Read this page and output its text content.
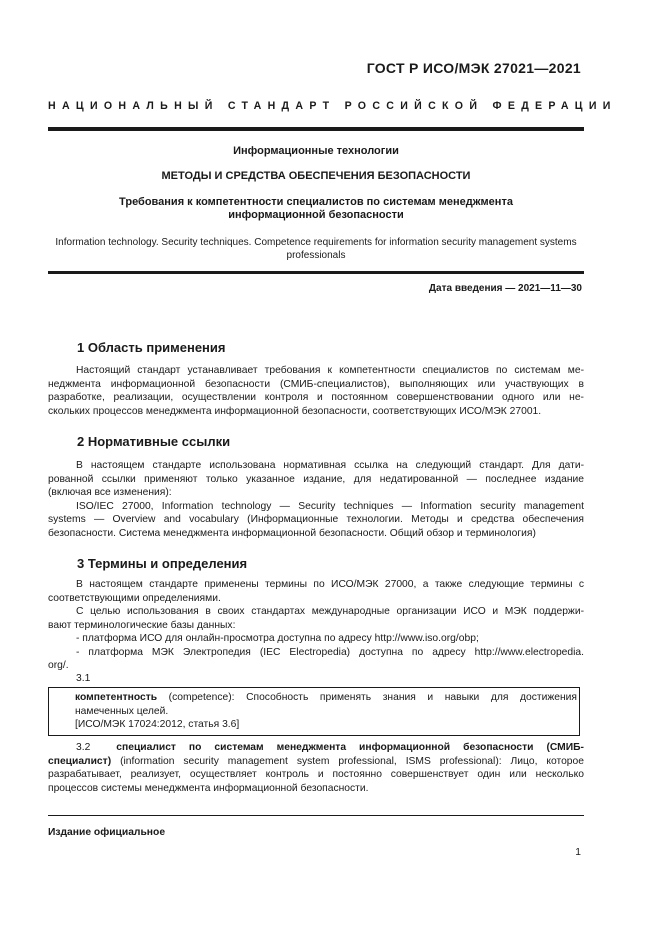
ГОСТ Р ИСО/МЭК 27021—2021
НАЦИОНАЛЬНЫЙ СТАНДАРТ РОССИЙСКОЙ ФЕДЕРАЦИИ
Информационные технологии
МЕТОДЫ И СРЕДСТВА ОБЕСПЕЧЕНИЯ БЕЗОПАСНОСТИ
Требования к компетентности специалистов по системам менеджмента
информационной безопасности
Information technology. Security techniques. Competence requirements for information security management systems
professionals
Дата введения — 2021—11—30
1 Область применения
Настоящий стандарт устанавливает требования к компетентности специалистов по системам ме-
неджмента информационной безопасности (СМИБ-специалистов), выполняющих или участвующих в
разработке, реализации, осуществлении контроля и постоянном совершенствовании одного или не-
скольких процессов менеджмента информационной безопасности, соответствующих ИСО/МЭК 27001.
2 Нормативные ссылки
В настоящем стандарте использована нормативная ссылка на следующий стандарт. Для дати-
рованной ссылки применяют только указанное издание, для недатированной — последнее издание
(включая все изменения):
ISO/IEC 27000, Information technology — Security techniques — Information security management
systems — Overview and vocabulary (Информационные технологии. Методы и средства обеспечения
безопасности. Система менеджмента информационной безопасности. Общий обзор и терминология)
3 Термины и определения
В настоящем стандарте применены термины по ИСО/МЭК 27000, а также следующие термины с
соответствующими определениями.
С целью использования в своих стандартах международные организации ИСО и МЭК поддержи-
вают терминологические базы данных:
- платформа ИСО для онлайн-просмотра доступна по адресу http://www.iso.org/obp;
- платформа МЭК Электропедия (IEC Electropedia) доступна по адресу http://www.electropedia.
org/.
3.1
компетентность (competence): Способность применять знания и навыки для достижения
намеченных целей.
[ИСО/МЭК 17024:2012, статья 3.6]
3.2	специалист по системам менеджмента информационной безопасности (СМИБ-
специалист) (information security management system professional, ISMS professional): Лицо, которое
разрабатывает, реализует, осуществляет контроль и постоянно совершенствует один или несколько
процессов системы менеджмента информационной безопасности.
Издание официальное
1
